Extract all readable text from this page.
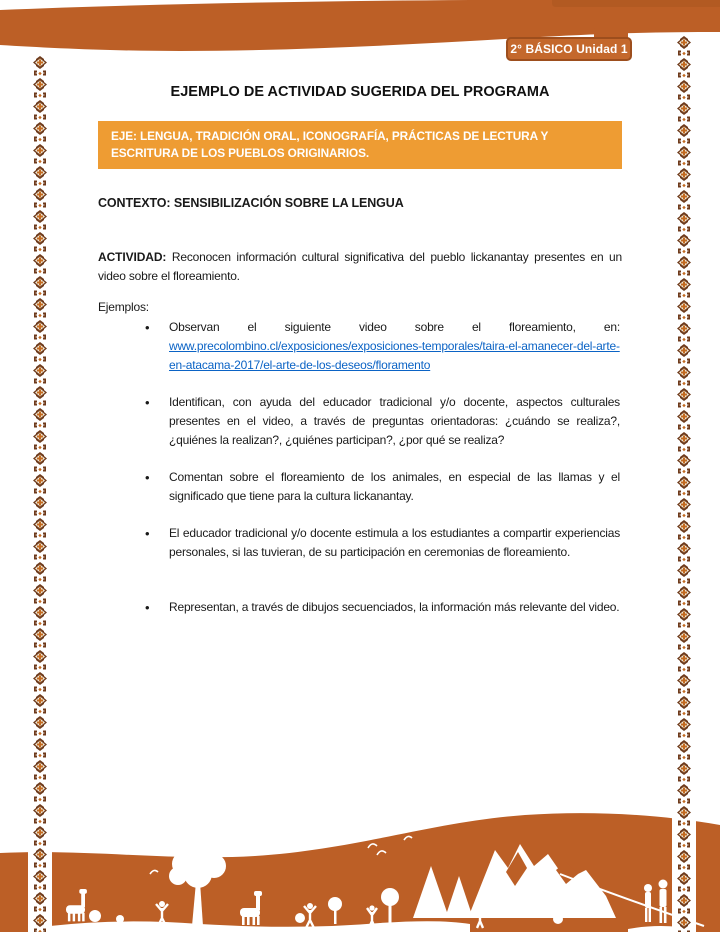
2° BÁSICO Unidad 1
EJEMPLO DE ACTIVIDAD SUGERIDA DEL PROGRAMA
EJE: LENGUA, TRADICIÓN ORAL, ICONOGRAFÍA, PRÁCTICAS DE LECTURA Y ESCRITURA DE LOS PUEBLOS ORIGINARIOS.
CONTEXTO: SENSIBILIZACIÓN SOBRE LA LENGUA
ACTIVIDAD: Reconocen información cultural significativa del pueblo lickanantay presentes en un video sobre el floreamiento.
Ejemplos:
• Observan el siguiente video sobre el floreamiento, en:
www.precolombino.cl/exposiciones/exposiciones-temporales/taira-el-amanecer-del-arte-en-atacama-2017/el-arte-de-los-deseos/floramento
• Identifican, con ayuda del educador tradicional y/o docente, aspectos culturales presentes en el video, a través de preguntas orientadoras: ¿cuándo se realiza?, ¿quiénes la realizan?, ¿quiénes participan?, ¿por qué se realiza?
• Comentan sobre el floreamiento de los animales, en especial de las llamas y el significado que tiene para la cultura lickanantay.
• El educador tradicional y/o docente estimula a los estudiantes a compartir experiencias personales, si las tuvieran, de su participación en ceremonias de floreamiento.
• Representan, a través de dibujos secuenciados, la información más relevante del video.
